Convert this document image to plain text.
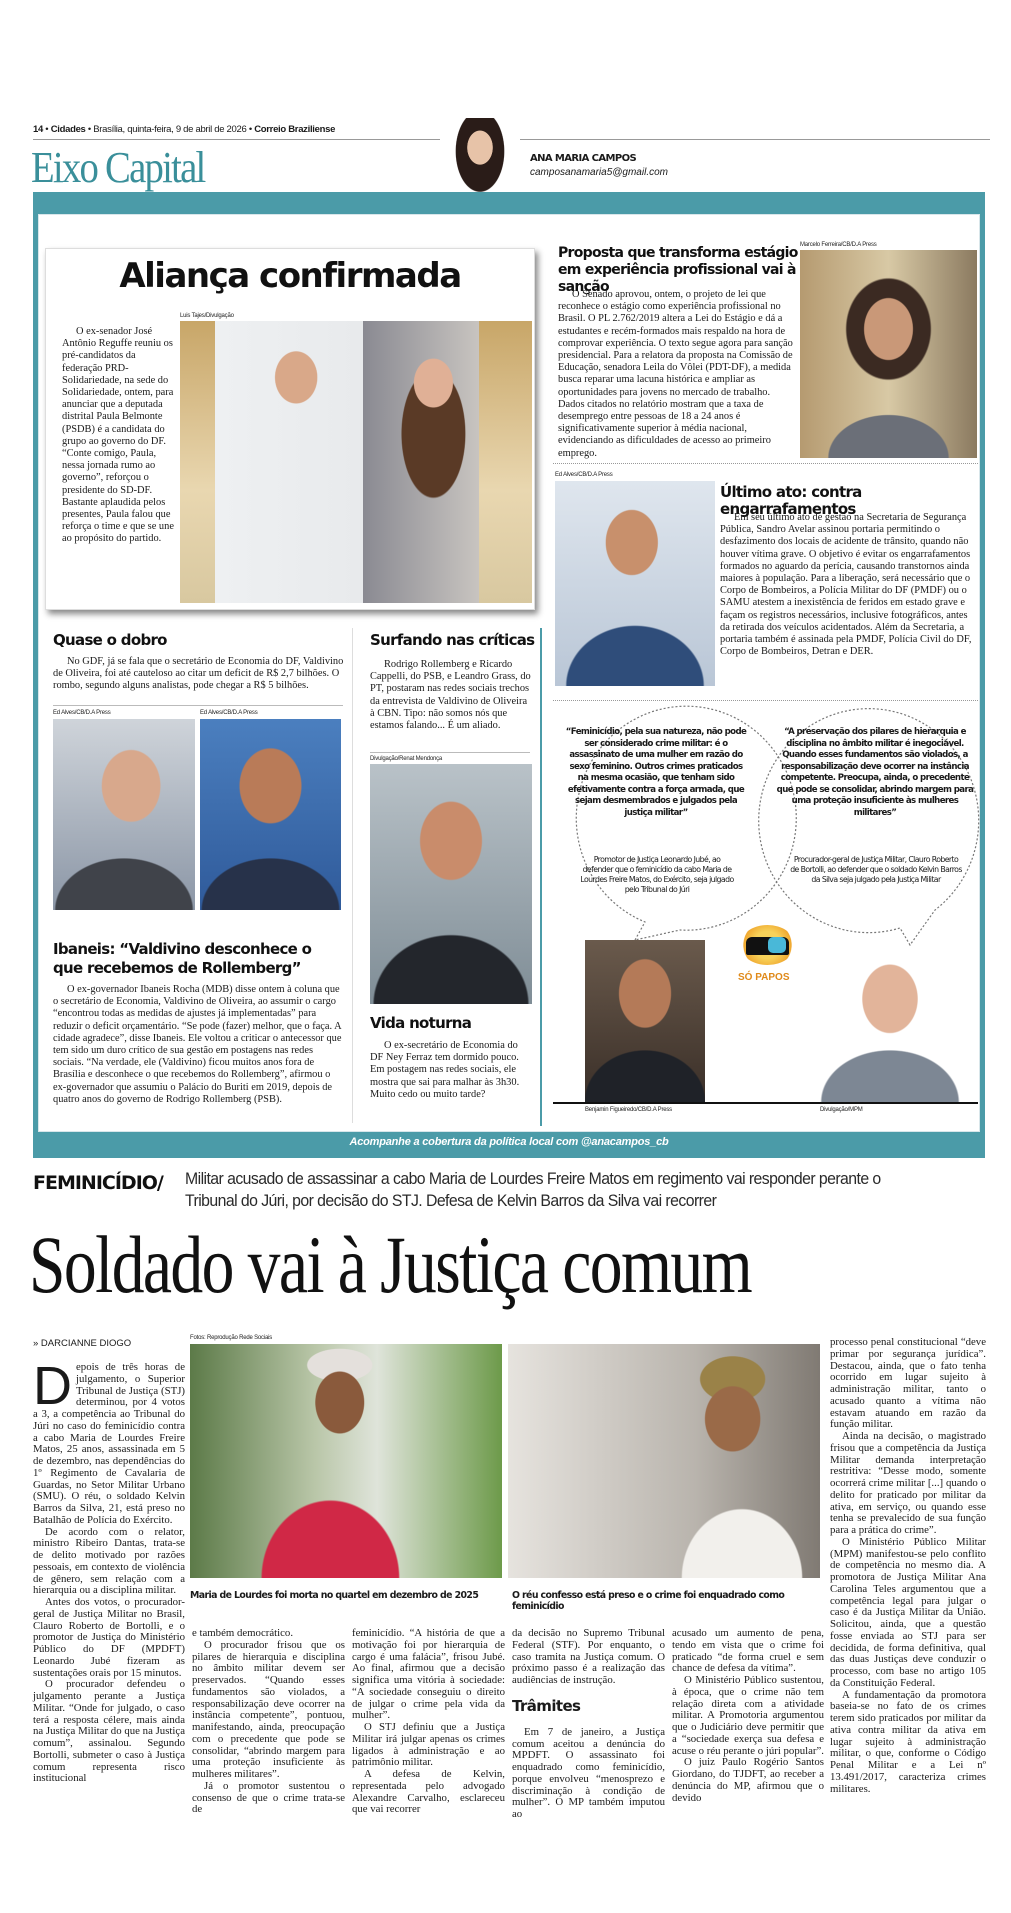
14 • Cidades • Brasília, quinta-feira, 9 de abril de 2026 • Correio Braziliense
Eixo Capital	ANA MARIA CAMPOS
camposanamaria5@gmail.com
Acompanhe a cobertura da política local com @anacampos_cb
Aliança confirmada
Luis Tajes/Divulgação

O ex-senador José Antônio Reguffe reuniu os pré-candidatos da federação PRD-Solidariedade, na sede do Solidariedade, ontem, para anunciar que a deputada distrital Paula Belmonte (PSDB) é a candidata do grupo ao governo do DF. “Conte comigo, Paula, nessa jornada rumo ao governo”, reforçou o presidente do SD-DF. Bastante aplaudida pelos presentes, Paula falou que reforça o time e que se une ao propósito do partido.

Proposta que transforma estágio em experiência profissional vai à sanção

O Senado aprovou, ontem, o projeto de lei que reconhece o estágio como experiência profissional no Brasil. O PL 2.762/2019 altera a Lei do Estágio e dá a estudantes e recém-formados mais respaldo na hora de comprovar experiência. O texto segue agora para sanção presidencial. Para a relatora da proposta na Comissão de Educação, senadora Leila do Vôlei (PDT-DF), a medida busca reparar uma lacuna histórica e ampliar as oportunidades para jovens no mercado de trabalho. Dados citados no relatório mostram que a taxa de desemprego entre pessoas de 18 a 24 anos é significativamente superior à média nacional, evidenciando as dificuldades de acesso ao primeiro emprego.

Marcelo Ferreira/CB/D.A Press
Ed Alves/CB/D.A Press
Último ato: contra engarrafamentos

Em seu último ato de gestão na Secretaria de Segurança Pública, Sandro Avelar assinou portaria permitindo o desfazimento dos locais de acidente de trânsito, quando não houver vítima grave. O objetivo é evitar os engarrafamentos formados no aguardo da perícia, causando transtornos ainda maiores à população. Para a liberação, será necessário que o Corpo de Bombeiros, a Polícia Militar do DF (PMDF) ou o SAMU atestem a inexistência de feridos em estado grave e façam os registros necessários, inclusive fotográficos, antes da retirada dos veículos acidentados. Além da Secretaria, a portaria também é assinada pela PMDF, Polícia Civil do DF, Corpo de Bombeiros, Detran e DER.

Quase o dobro

No GDF, já se fala que o secretário de Economia do DF, Valdivino de Oliveira, foi até cauteloso ao citar um deficit de R$ 2,7 bilhões. O rombo, segundo alguns analistas, pode chegar a R$ 5 bilhões.

Ed Alves/CB/D.A Press	Ed Alves/CB/D.A Press
Ibaneis: “Valdivino desconhece o que recebemos de Rollemberg”

O ex-governador Ibaneis Rocha (MDB) disse ontem à coluna que o secretário de Economia, Valdivino de Oliveira, ao assumir o cargo “encontrou todas as medidas de ajustes já implementadas” para reduzir o deficit orçamentário. “Se pode (fazer) melhor, que o faça. A cidade agradece”, disse Ibaneis. Ele voltou a criticar o antecessor que tem sido um duro crítico de sua gestão em postagens nas redes sociais. “Na verdade, ele (Valdivino) ficou muitos anos fora de Brasília e desconhece o que recebemos do Rollemberg”, afirmou o ex-governador que assumiu o Palácio do Buriti em 2019, depois de quatro anos do governo de Rodrigo Rollemberg (PSB).

Surfando nas críticas

Rodrigo Rollemberg e Ricardo Cappelli, do PSB, e Leandro Grass, do PT, postaram nas redes sociais trechos da entrevista de Valdivino de Oliveira à CBN. Tipo: não somos nós que estamos falando... É um aliado.

Divulgação/Renat Mendonça
Vida noturna

O ex-secretário de Economia do DF Ney Ferraz tem dormido pouco. Em postagem nas redes sociais, ele mostra que sai para malhar às 3h30. Muito cedo ou muito tarde?

“Feminicídio, pela sua natureza, não pode ser considerado crime militar: é o assassinato de uma mulher em razão do sexo feminino. Outros crimes praticados na mesma ocasião, que tenham sido efetivamente contra a força armada, que sejam desmembrados e julgados pela justiça militar”
Promotor de Justiça Leonardo Jubé, ao defender que o feminicídio da cabo Maria de Lourdes Freire Matos, do Exército, seja julgado pelo Tribunal do Júri
“A preservação dos pilares de hierarquia e disciplina no âmbito militar é inegociável. Quando esses fundamentos são violados, a responsabilização deve ocorrer na instância competente. Preocupa, ainda, o precedente que pode se consolidar, abrindo margem para uma proteção insuficiente às mulheres militares”
Procurador-geral de Justiça Militar, Clauro Roberto de Bortolli, ao defender que o soldado Kelvin Barros da Silva seja julgado pela Justiça Militar
SÓ PAPOS
Benjamin Figueiredo/CB/D.A Press	Divulgação/MPM
FEMINICÍDIO/ Militar acusado de assassinar a cabo Maria de Lourdes Freire Matos em regimento vai responder perante o Tribunal do Júri, por decisão do STJ. Defesa de Kelvin Barros da Silva vai recorrer
Soldado vai à Justiça comum
» DARCIANNE DIOGO
D epois de três horas de julgamento, o Superior Tribunal de Justiça (STJ) determinou, por 4 votos a 3, a competência ao Tribunal do Júri no caso do feminicídio contra a cabo Maria de Lourdes Freire Matos, 25 anos, assassinada em 5 de dezembro, nas dependências do 1º Regimento de Cavalaria de Guardas, no Setor Militar Urbano (SMU). O réu, o soldado Kelvin Barros da Silva, 21, está preso no Batalhão de Polícia do Exército.

De acordo com o relator, ministro Ribeiro Dantas, trata-se de delito motivado por razões pessoais, em contexto de violência de gênero, sem relação com a hierarquia ou a disciplina militar.

Antes dos votos, o procurador-geral de Justiça Militar no Brasil, Clauro Roberto de Bortolli, e o promotor de Justiça do Ministério Público do DF (MPDFT) Leonardo Jubé fizeram as sustentações orais por 15 minutos.

O procurador defendeu o julgamento perante a Justiça Militar. “Onde for julgado, o caso terá a resposta célere, mais ainda na Justiça Militar do que na Justiça comum”, assinalou. Segundo Bortolli, submeter o caso à Justiça comum representa risco institucional

Fotos: Reprodução Rede Sociais
Maria de Lourdes foi morta no quartel em dezembro de 2025	O réu confesso está preso e o crime foi enquadrado como feminicídio

e também democrático.

O procurador frisou que os pilares de hierarquia e disciplina no âmbito militar devem ser preservados. “Quando esses fundamentos são violados, a responsabilização deve ocorrer na instância competente”, pontuou, manifestando, ainda, preocupação com o precedente que pode se consolidar, “abrindo margem para uma proteção insuficiente às mulheres militares”.

Já o promotor sustentou o consenso de que o crime trata-se de

feminicídio. “A história de que a motivação foi por hierarquia de cargo é uma falácia”, frisou Jubé. Ao final, afirmou que a decisão significa uma vitória à sociedade: “A sociedade conseguiu o direito de julgar o crime pela vida da mulher”.

O STJ definiu que a Justiça Militar irá julgar apenas os crimes ligados à administração e ao patrimônio militar.

A defesa de Kelvin, representada pelo advogado Alexandre Carvalho, esclareceu que vai recorrer

da decisão no Supremo Tribunal Federal (STF). Por enquanto, o caso tramita na Justiça comum. O próximo passo é a realização das audiências de instrução.

Trâmites

Em 7 de janeiro, a Justiça comum aceitou a denúncia do MPDFT. O assassinato foi enquadrado como feminicídio, porque envolveu “menosprezo e discriminação à condição de mulher”. O MP também imputou ao

acusado um aumento de pena, tendo em vista que o crime foi praticado “de forma cruel e sem chance de defesa da vítima”.

O Ministério Público sustentou, à época, que o crime não tem relação direta com a atividade militar. A Promotoria argumentou que o Judiciário deve permitir que a “sociedade exerça sua defesa e acuse o réu perante o júri popular”.

O juiz Paulo Rogério Santos Giordano, do TJDFT, ao receber a denúncia do MP, afirmou que o devido

processo penal constitucional “deve primar por segurança jurídica”. Destacou, ainda, que o fato tenha ocorrido em lugar sujeito à administração militar, tanto o acusado quanto a vítima não estavam atuando em razão da função militar.

Ainda na decisão, o magistrado frisou que a competência da Justiça Militar demanda interpretação restritiva: “Desse modo, somente ocorrerá crime militar [...] quando o delito for praticado por militar da ativa, em serviço, ou quando esse tenha se prevalecido de sua função para a prática do crime”.

O Ministério Público Militar (MPM) manifestou-se pelo conflito de competência no mesmo dia. A promotora de Justiça Militar Ana Carolina Teles argumentou que a competência legal para julgar o caso é da Justiça Militar da União. Solicitou, ainda, que a questão fosse enviada ao STJ para ser decidida, de forma definitiva, qual das duas Justiças deve conduzir o processo, com base no artigo 105 da Constituição Federal.

A fundamentação da promotora baseia-se no fato de os crimes terem sido praticados por militar da ativa contra militar da ativa em lugar sujeito à administração militar, o que, conforme o Código Penal Militar e a Lei nº 13.491/2017, caracteriza crimes militares.
